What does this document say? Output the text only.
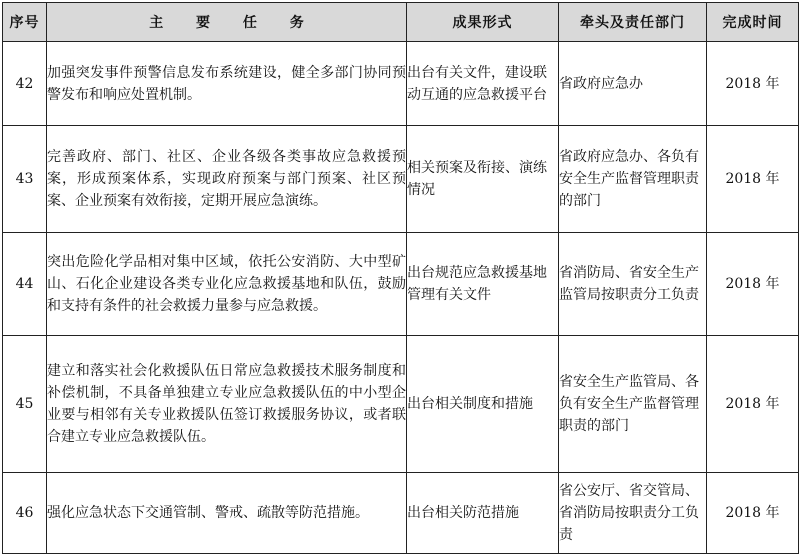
序号	主 要 任 务	成果形式	牵头及责任部门	完成时间
42	加强突发事件预警信息发布系统建设，健全多部门协同预警发布和响应处置机制。	出台有关文件，建设联动互通的应急救援平台	省政府应急办	2018 年
43	完善政府、部门、社区、企业各级各类事故应急救援预案，形成预案体系，实现政府预案与部门预案、社区预案、企业预案有效衔接，定期开展应急演练。	相关预案及衔接、演练情况	省政府应急办、各负有安全生产监督管理职责的部门	2018 年
44	突出危险化学品相对集中区域，依托公安消防、大中型矿山、石化企业建设各类专业化应急救援基地和队伍，鼓励和支持有条件的社会救援力量参与应急救援。	出台规范应急救援基地管理有关文件	省消防局、省安全生产监管局按职责分工负责	2018 年
45	建立和落实社会化救援队伍日常应急救援技术服务制度和补偿机制，不具备单独建立专业应急救援队伍的中小型企业要与相邻有关专业救援队伍签订救援服务协议，或者联合建立专业应急救援队伍。	出台相关制度和措施	省安全生产监管局、各负有安全生产监督管理职责的部门	2018 年
46	强化应急状态下交通管制、警戒、疏散等防范措施。	出台相关防范措施	省公安厅、省交管局、省消防局按职责分工负责	2018 年
